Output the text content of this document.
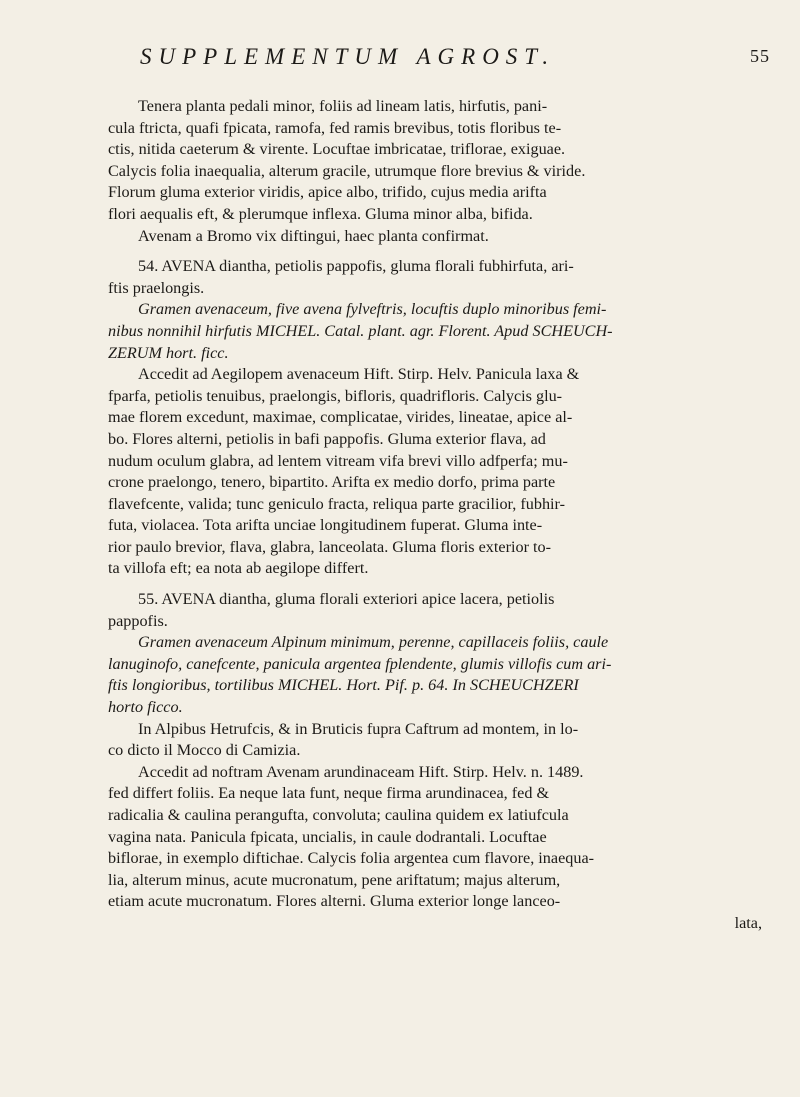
SUPPLEMENTUM AGROST.	55

Tenera planta pedali minor, foliis ad lineam latis, hirfutis, pani-

cula ftricta, quafi fpicata, ramofa, fed ramis brevibus, totis floribus te-

ctis, nitida caeterum & virente. Locuftae imbricatae, triflorae, exiguae.

Calycis folia inaequalia, alterum gracile, utrumque flore brevius & viride.

Florum gluma exterior viridis, apice albo, trifido, cujus media arifta

flori aequalis eft, & plerumque inflexa. Gluma minor alba, bifida.

Avenam a Bromo vix diftingui, haec planta confirmat.

54. AVENA diantha, petiolis pappofis, gluma florali fubhirfuta, ari-

ftis praelongis.

Gramen avenaceum, five avena fylveftris, locuftis duplo minoribus femi-

nibus nonnihil hirfutis MICHEL. Catal. plant. agr. Florent. Apud SCHEUCH-

ZERUM hort. ficc.

Accedit ad Aegilopem avenaceum Hift. Stirp. Helv. Panicula laxa &

fparfa, petiolis tenuibus, praelongis, bifloris, quadrifloris. Calycis glu-

mae florem excedunt, maximae, complicatae, virides, lineatae, apice al-

bo. Flores alterni, petiolis in bafi pappofis. Gluma exterior flava, ad

nudum oculum glabra, ad lentem vitream vifa brevi villo adfperfa; mu-

crone praelongo, tenero, bipartito. Arifta ex medio dorfo, prima parte

flavefcente, valida; tunc geniculo fracta, reliqua parte gracilior, fubhir-

futa, violacea. Tota arifta unciae longitudinem fuperat. Gluma inte-

rior paulo brevior, flava, glabra, lanceolata. Gluma floris exterior to-

ta villofa eft; ea nota ab aegilope differt.

55. AVENA diantha, gluma florali exteriori apice lacera, petiolis

pappofis.

Gramen avenaceum Alpinum minimum, perenne, capillaceis foliis, caule

lanuginofo, canefcente, panicula argentea fplendente, glumis villofis cum ari-

ftis longioribus, tortilibus MICHEL. Hort. Pif. p. 64. In SCHEUCHZERI

horto ficco.

In Alpibus Hetrufcis, & in Bruticis fupra Caftrum ad montem, in lo-

co dicto il Mocco di Camizia.

Accedit ad noftram Avenam arundinaceam Hift. Stirp. Helv. n. 1489.

fed differt foliis. Ea neque lata funt, neque firma arundinacea, fed &

radicalia & caulina perangufta, convoluta; caulina quidem ex latiufcula

vagina nata. Panicula fpicata, uncialis, in caule dodrantali. Locuftae

biflorae, in exemplo diftichae. Calycis folia argentea cum flavore, inaequa-

lia, alterum minus, acute mucronatum, pene ariftatum; majus alterum,

etiam acute mucronatum. Flores alterni. Gluma exterior longe lanceo-

lata,
